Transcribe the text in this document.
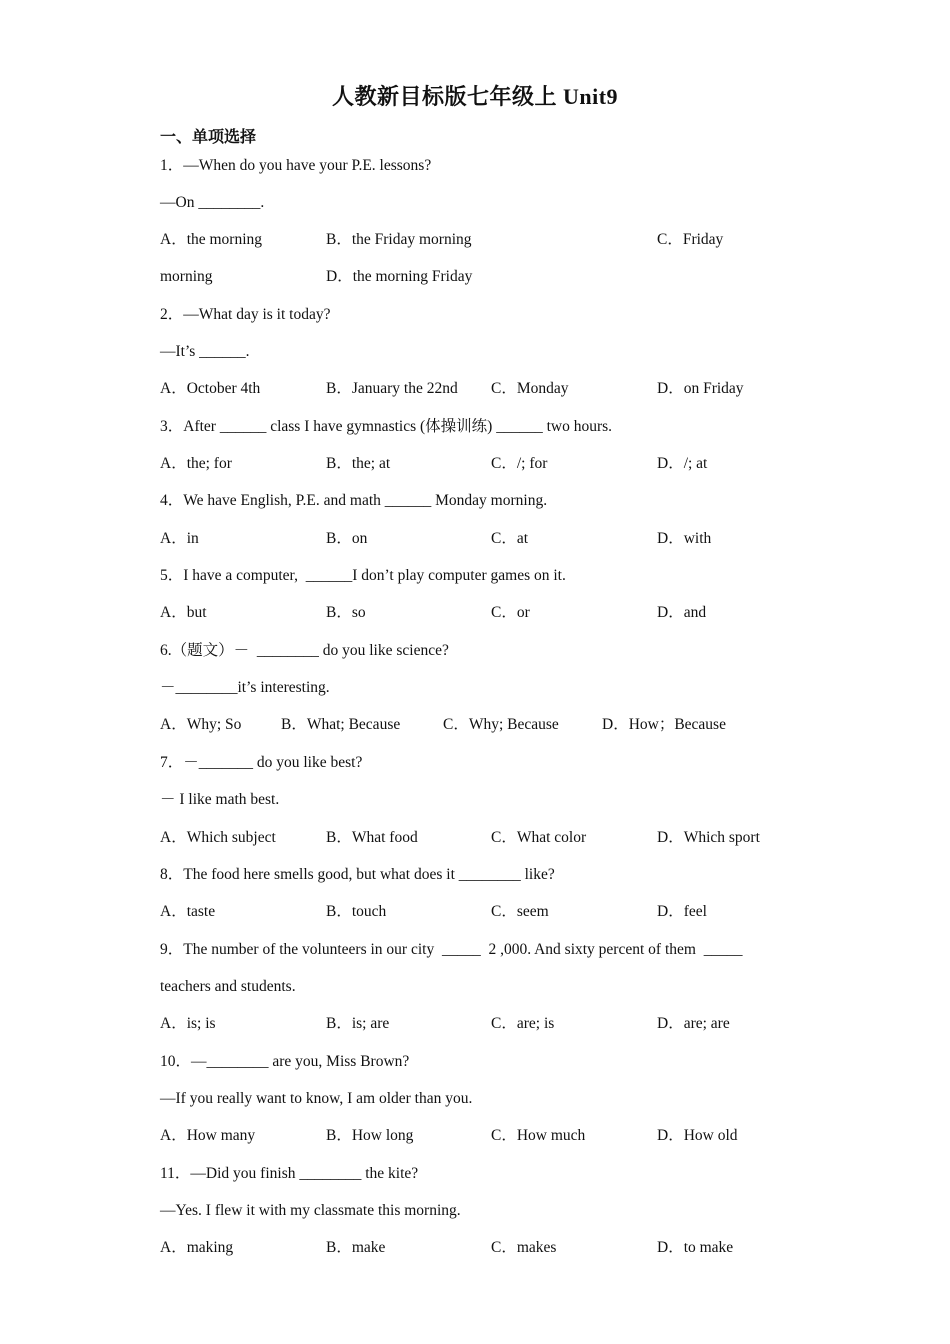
人教新目标版七年级上 Unit9
一、单项选择
1．—When do you have your P.E. lessons?
—On ________.
A．the morning	B．the Friday morning	C．Friday
morning	D．the morning Friday
2．—What day is it today?
—It’s ______.
A．October 4th	B．January the 22nd C．Monday	D．on Friday
3．After ______ class I have gymnastics (体操训练) ______ two hours.
A．the; for	B．the; at	C．/; for	D．/; at
4．We have English, P.E. and math ______ Monday morning.
A．in	B．on	C．at	D．with
5．I have a computer,  ______I don’t play computer games on it.
A．but	B．so	C．or	D．and
6.（题文）－  ________ do you like science?
－________it’s interesting.
A．Why; So	B．What; Because	C．Why; Because	D．How；Because
7．－_______ do you like best?
－ I like math best.
A．Which subject	B．What food	C．What color	D．Which sport
8．The food here smells good, but what does it ________ like?
A．taste	B．touch	C．seem	D．feel
9．The number of the volunteers in our city  _____  2 ,000. And sixty percent of them  _____
teachers and students.
A．is; is	B．is; are	C．are; is	D．are; are
10．—________ are you, Miss Brown?
—If you really want to know, I am older than you.
A．How many	B．How long	C．How much	D．How old
11．—Did you finish ________ the kite?
—Yes. I flew it with my classmate this morning.
A．making	B．make	C．makes	D．to make
